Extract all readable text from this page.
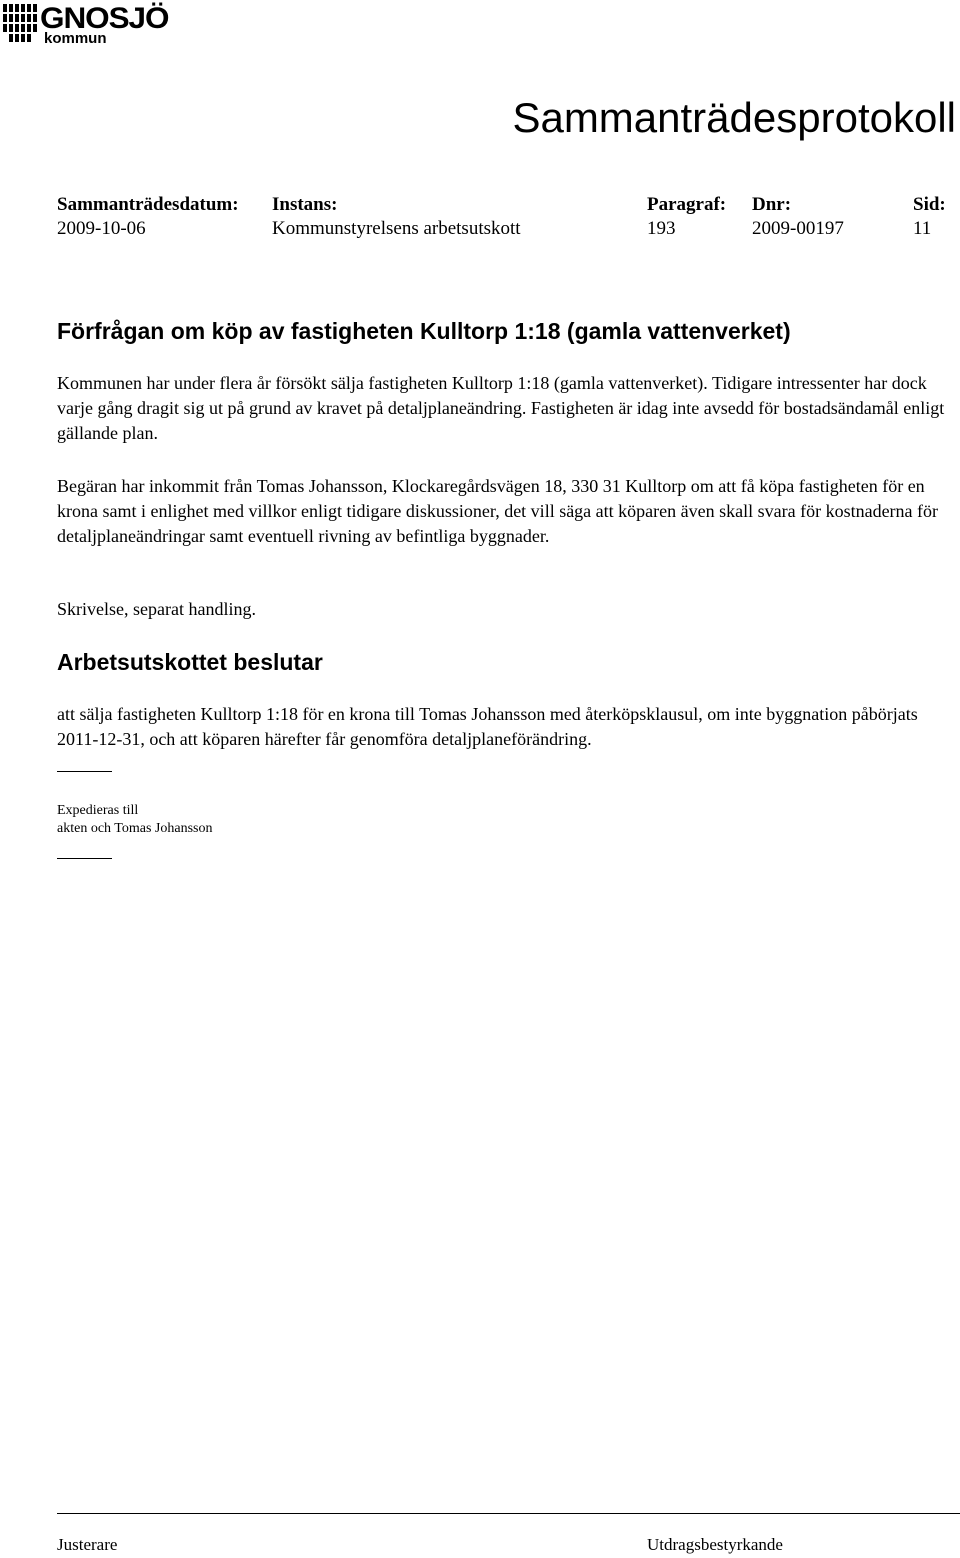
GNOSJÖ
kommun
Sammanträdesprotokoll
Sammanträdesdatum:
2009-10-06
Instans:
Kommunstyrelsens arbetsutskott
Paragraf:
193
Dnr:
2009-00197
Sid:
11
Förfrågan om köp av fastigheten Kulltorp 1:18 (gamla vattenverket)

Kommunen har under flera år försökt sälja fastigheten Kulltorp 1:18 (gamla vattenverket). Tidigare intressenter har dock varje gång dragit sig ut på grund av kravet på detaljplaneändring. Fastigheten är idag inte avsedd för bostadsändamål enligt gällande plan.

Begäran har inkommit från Tomas Johansson, Klockaregårdsvägen 18, 330 31 Kulltorp om att få köpa fastigheten för en krona samt i enlighet med villkor enligt tidigare diskussioner, det vill säga att köparen även skall svara för kostnaderna för detaljplaneändringar samt eventuell rivning av befintliga byggnader.

Skrivelse, separat handling.

Arbetsutskottet beslutar

att sälja fastigheten Kulltorp 1:18 för en krona till Tomas Johansson med återköpsklausul, om inte byggnation påbörjats 2011-12-31, och att köparen härefter får genomföra detaljplaneförändring.

Expedieras till
akten och Tomas Johansson
Justerare	Utdragsbestyrkande
